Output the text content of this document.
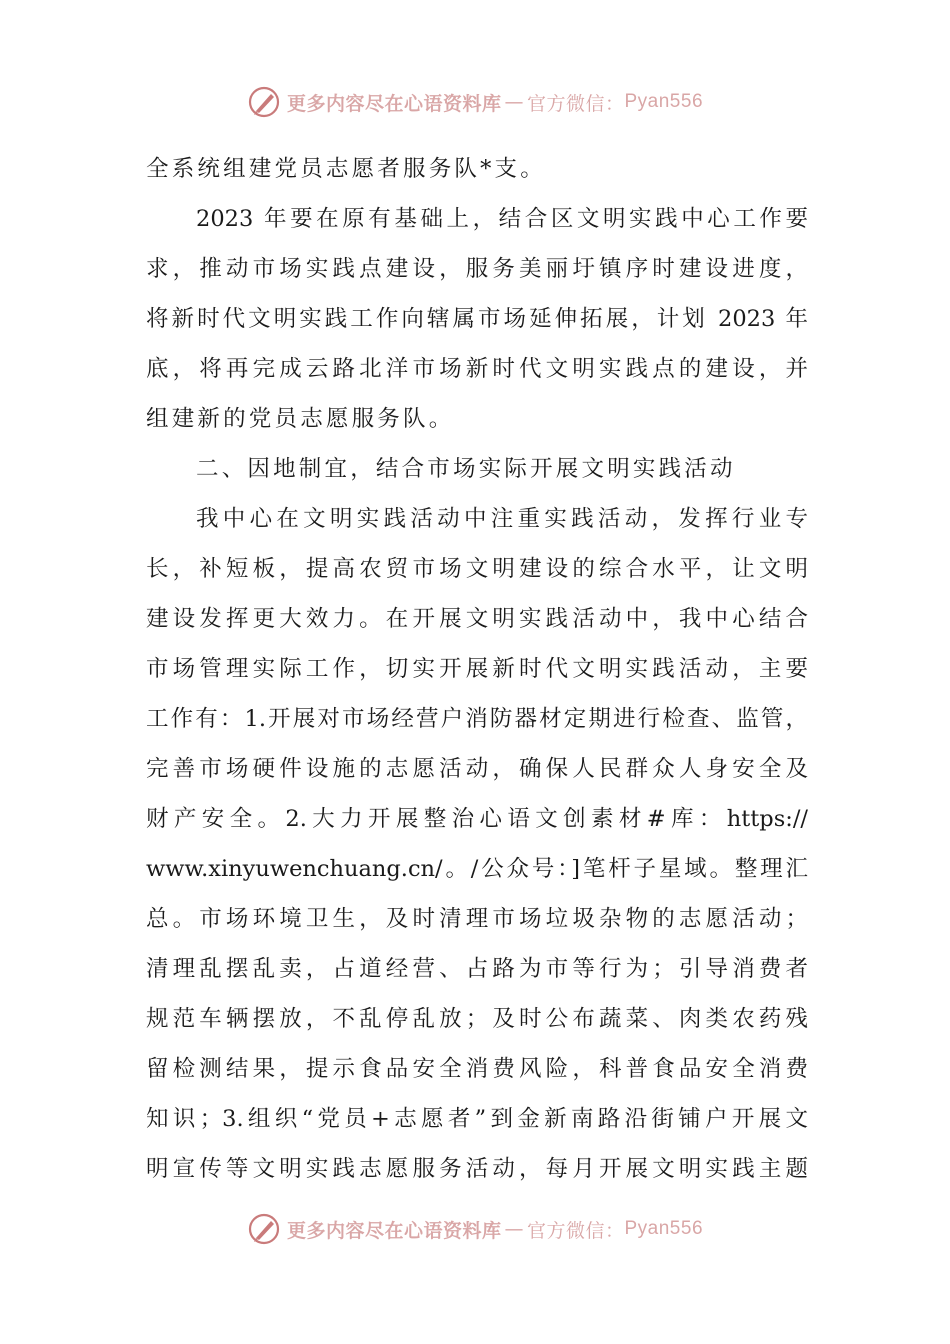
更多内容尽在心语资料库 — 官方微信： Pyan556
全系统组建党员志愿者服务队*支。
2023 年要在原有基础上，结合区文明实践中心工作要
求，推动市场实践点建设，服务美丽圩镇序时建设进度，
将新时代文明实践工作向辖属市场延伸拓展，计划 2023 年
底，将再完成云路北洋市场新时代文明实践点的建设，并
组建新的党员志愿服务队。
二、因地制宜，结合市场实际开展文明实践活动
我中心在文明实践活动中注重实践活动，发挥行业专
长，补短板，提高农贸市场文明建设的综合水平，让文明
建设发挥更大效力。在开展文明实践活动中，我中心结合
市场管理实际工作，切实开展新时代文明实践活动，主要
工作有：1.开展对市场经营户消防器材定期进行检查、监管，
完善市场硬件设施的志愿活动，确保人民群众人身安全及
财产安全。2.大力开展整治心语文创素材#库：https://
www.xinyuwenchuang.cn/。/公众号：]笔杆子星域。整理汇
总。市场环境卫生，及时清理市场垃圾杂物的志愿活动；
清理乱摆乱卖，占道经营、占路为市等行为；引导消费者
规范车辆摆放，不乱停乱放；及时公布蔬菜、肉类农药残
留检测结果，提示食品安全消费风险，科普食品安全消费
知识；3.组织“党员+志愿者”到金新南路沿街铺户开展文
明宣传等文明实践志愿服务活动，每月开展文明实践主题
更多内容尽在心语资料库 — 官方微信： Pyan556
